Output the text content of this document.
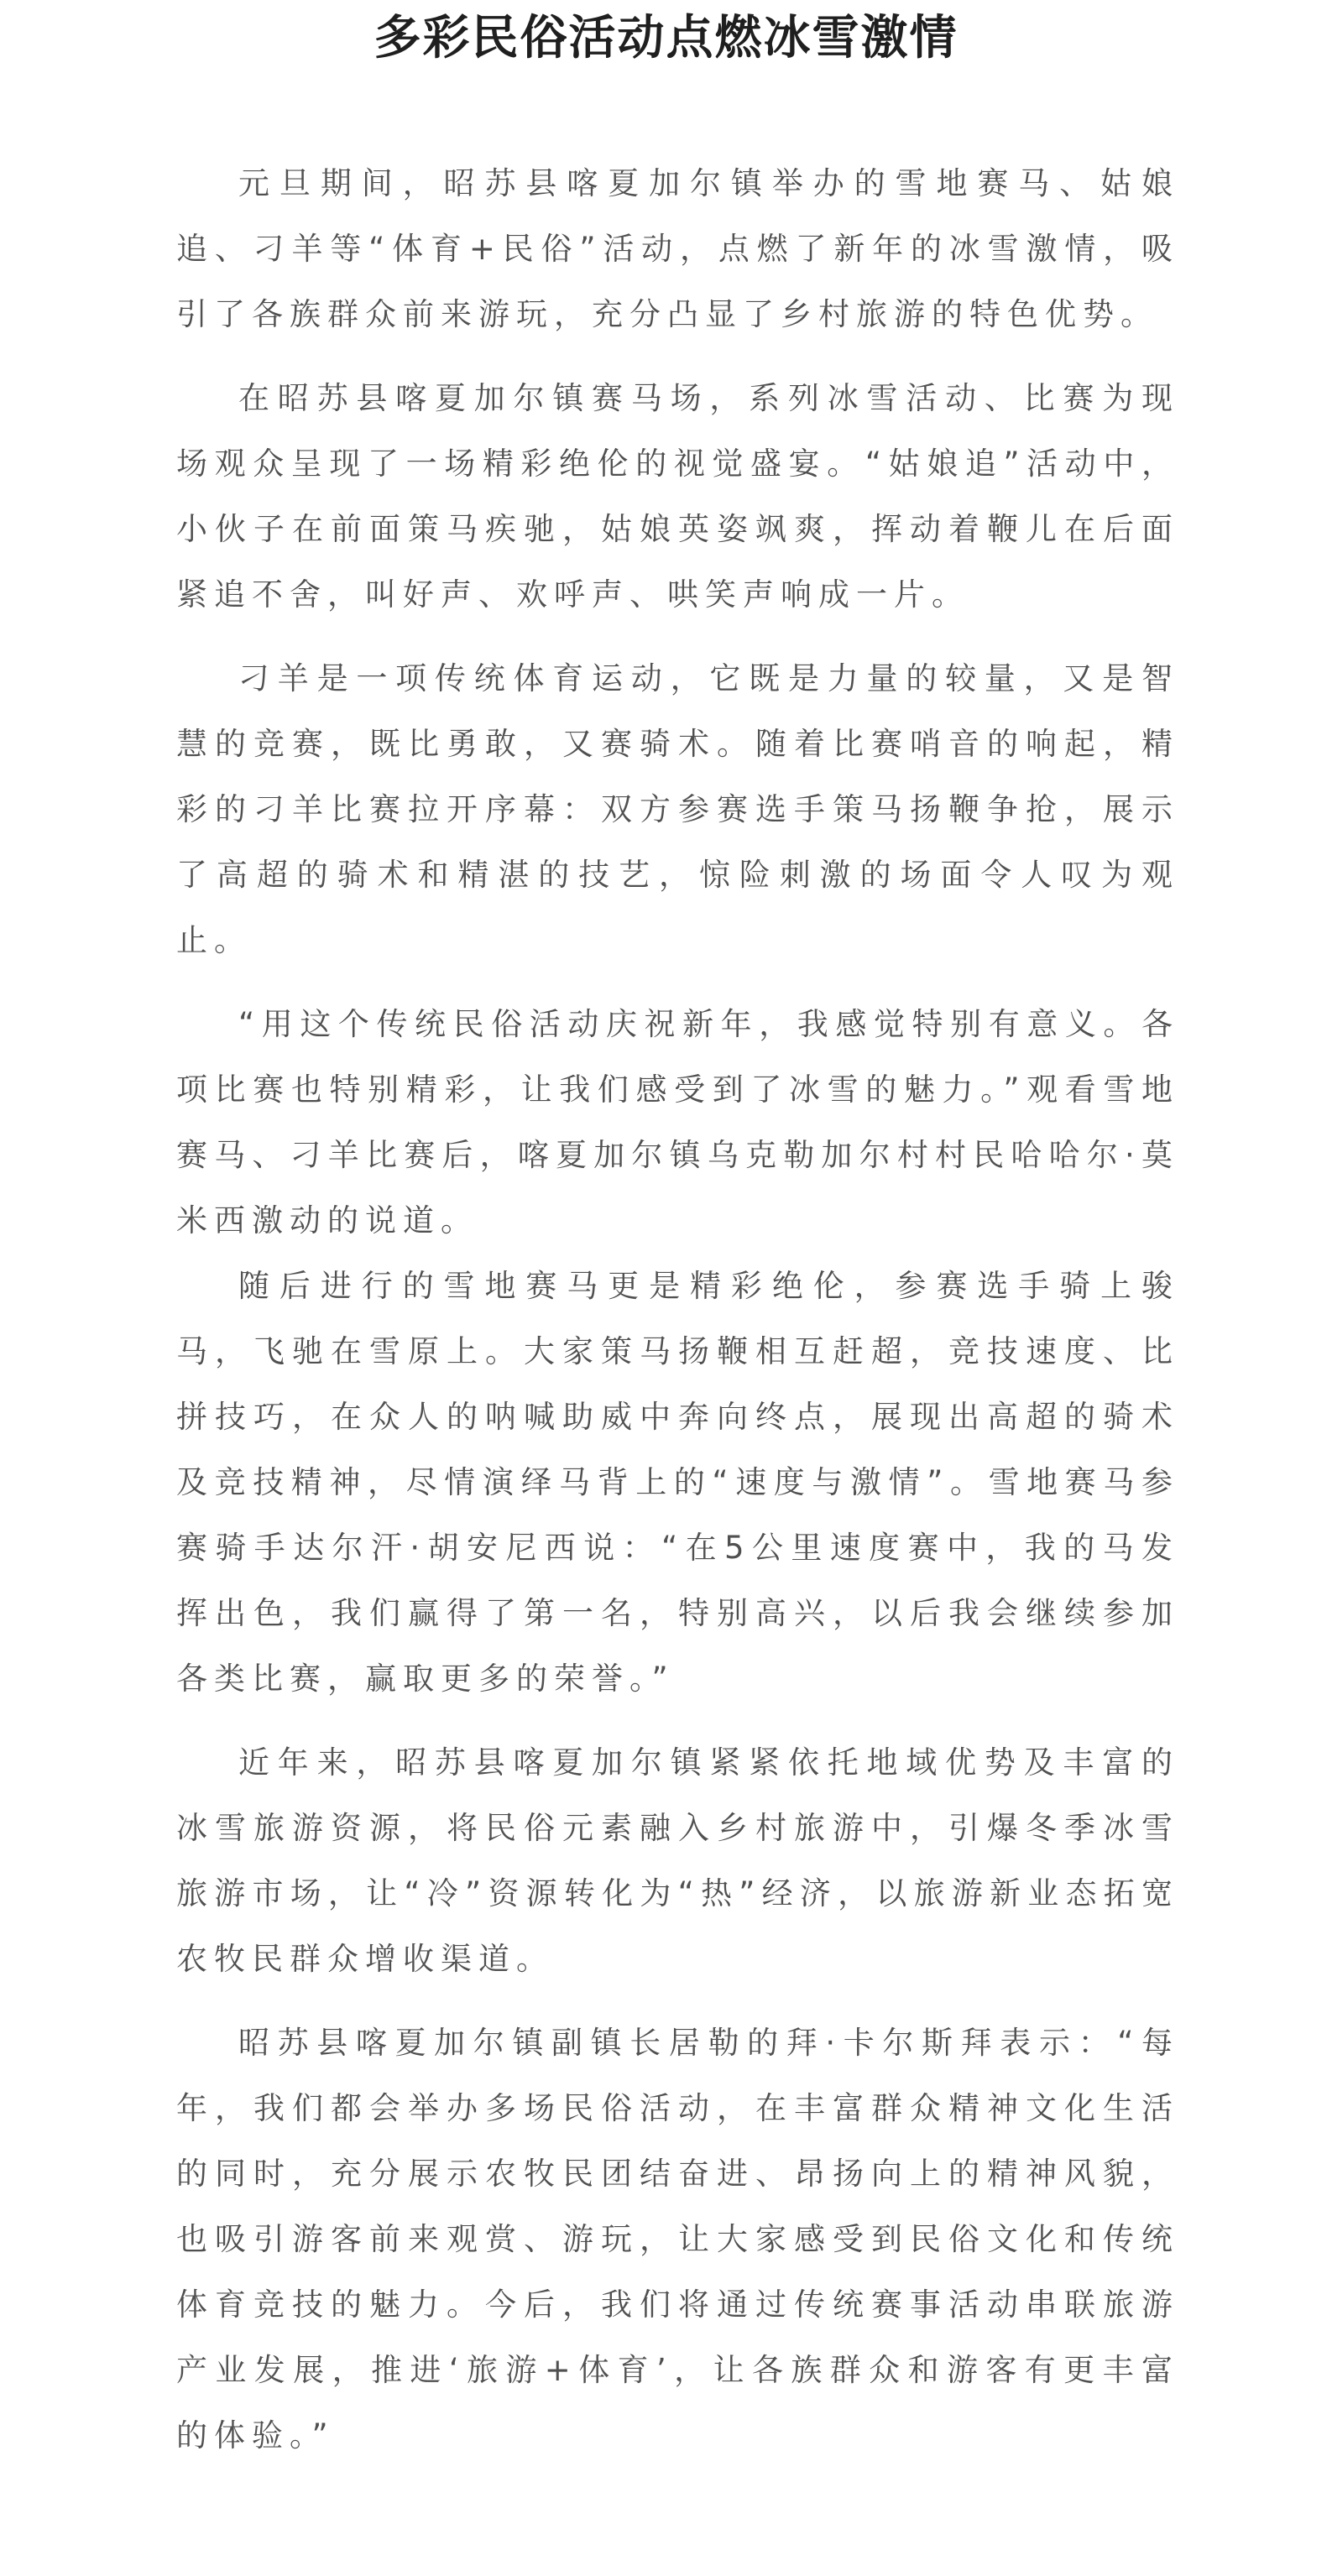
多彩民俗活动点燃冰雪激情

元旦期间，昭苏县喀夏加尔镇举办的雪地赛马、姑娘追、刁羊等“体育+民俗”活动，点燃了新年的冰雪激情，吸引了各族群众前来游玩，充分凸显了乡村旅游的特色优势。

在昭苏县喀夏加尔镇赛马场，系列冰雪活动、比赛为现场观众呈现了一场精彩绝伦的视觉盛宴。“姑娘追”活动中，小伙子在前面策马疾驰，姑娘英姿飒爽，挥动着鞭儿在后面紧追不舍，叫好声、欢呼声、哄笑声响成一片。

刁羊是一项传统体育运动，它既是力量的较量，又是智慧的竞赛，既比勇敢，又赛骑术。随着比赛哨音的响起，精彩的刁羊比赛拉开序幕：双方参赛选手策马扬鞭争抢，展示了高超的骑术和精湛的技艺，惊险刺激的场面令人叹为观止。

“用这个传统民俗活动庆祝新年，我感觉特别有意义。各项比赛也特别精彩，让我们感受到了冰雪的魅力。”观看雪地赛马、刁羊比赛后，喀夏加尔镇乌克勒加尔村村民哈哈尔·莫米西激动的说道。

随后进行的雪地赛马更是精彩绝伦，参赛选手骑上骏马，飞驰在雪原上。大家策马扬鞭相互赶超，竞技速度、比拼技巧，在众人的呐喊助威中奔向终点，展现出高超的骑术及竞技精神，尽情演绎马背上的“速度与激情”。雪地赛马参赛骑手达尔汗·胡安尼西说：“在5公里速度赛中，我的马发挥出色，我们赢得了第一名，特别高兴，以后我会继续参加各类比赛，赢取更多的荣誉。”

近年来，昭苏县喀夏加尔镇紧紧依托地域优势及丰富的冰雪旅游资源，将民俗元素融入乡村旅游中，引爆冬季冰雪旅游市场，让“冷”资源转化为“热”经济，以旅游新业态拓宽农牧民群众增收渠道。

昭苏县喀夏加尔镇副镇长居勒的拜·卡尔斯拜表示：“每年，我们都会举办多场民俗活动，在丰富群众精神文化生活的同时，充分展示农牧民团结奋进、昂扬向上的精神风貌，也吸引游客前来观赏、游玩，让大家感受到民俗文化和传统体育竞技的魅力。今后，我们将通过传统赛事活动串联旅游产业发展，推进‘旅游+体育’，让各族群众和游客有更丰富的体验。”
